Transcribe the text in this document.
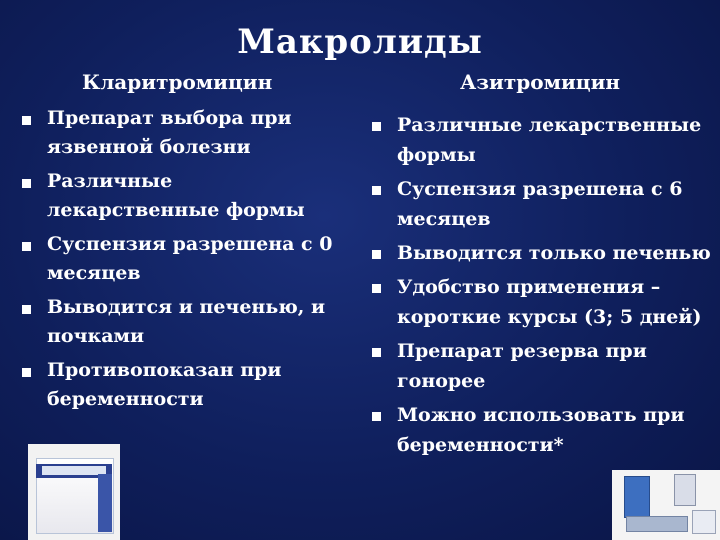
Макролиды
Кларитромицин	Азитромицин
Препарат выбора при язвенной болезни
Различные лекарственные формы
Суспензия разрешена с 0 месяцев
Выводится и печенью, и почками
Противопоказан при беременности
Различные лекарственные формы
Суспензия разрешена с 6 месяцев
Выводится только печенью
Удобство применения – короткие курсы (3; 5 дней)
Препарат резерва при гонорее
Можно использовать при беременности*
